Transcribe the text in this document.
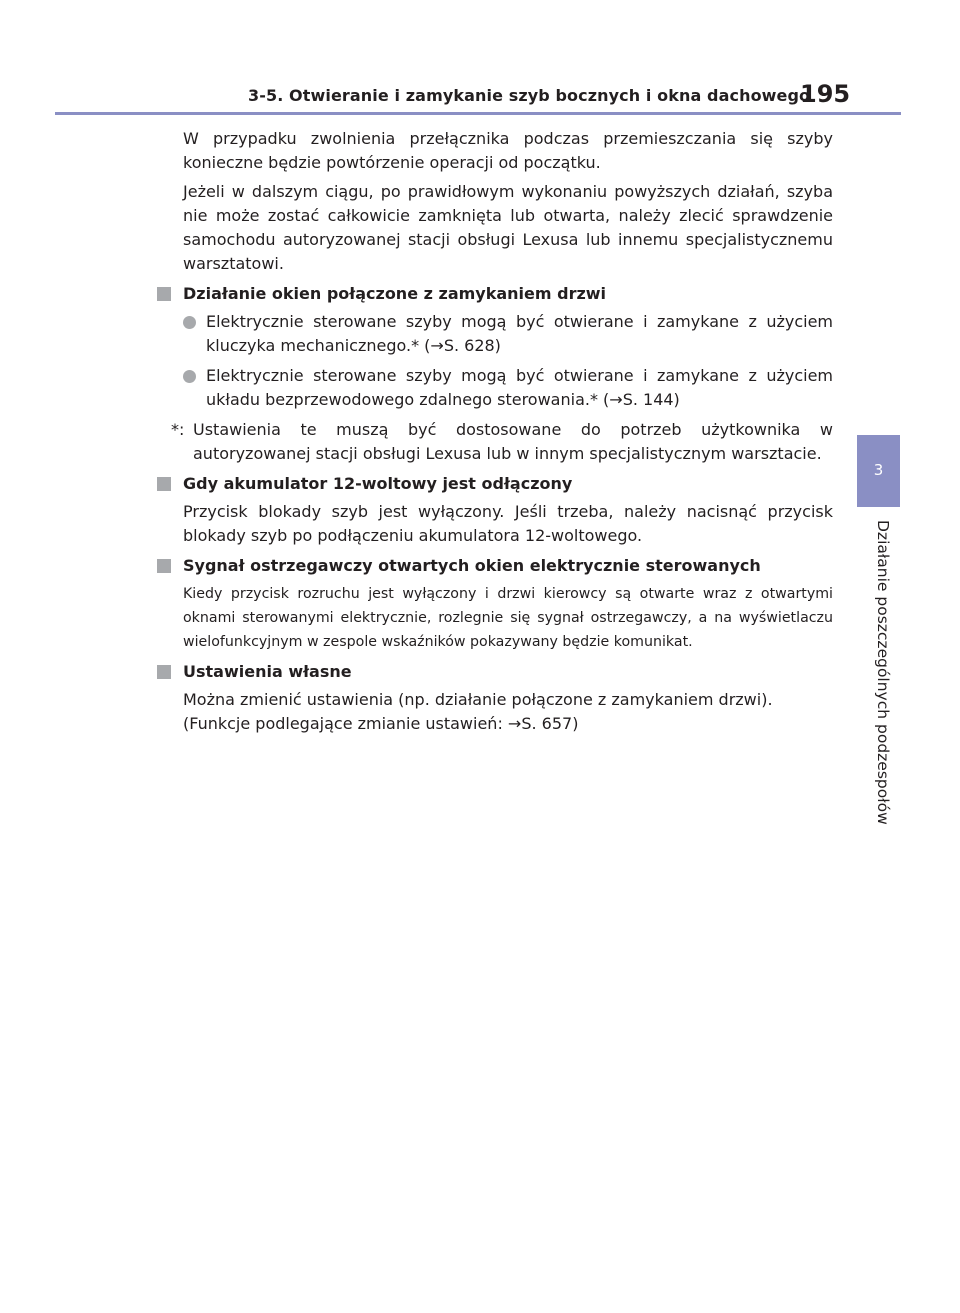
3-5. Otwieranie i zamykanie szyb bocznych i okna dachowego
195
3
Działanie poszczególnych podzespołów

W przypadku zwolnienia przełącznika podczas przemieszczania się szyby konieczne będzie powtórzenie operacji od początku.

Jeżeli w dalszym ciągu, po prawidłowym wykonaniu powyższych działań, szyba nie może zostać całkowicie zamknięta lub otwarta, należy zlecić sprawdzenie samochodu autoryzowanej stacji obsługi Lexusa lub innemu specjalistycznemu warsztatowi.

Działanie okien połączone z zamykaniem drzwi
Elektrycznie sterowane szyby mogą być otwierane i zamykane z użyciem kluczyka mechanicznego.* (→S. 628)
Elektrycznie sterowane szyby mogą być otwierane i zamykane z użyciem układu bezprzewodowego zdalnego sterowania.* (→S. 144)
*: Ustawienia te muszą być dostosowane do potrzeb użytkownika w autoryzowanej stacji obsługi Lexusa lub w innym specjalistycznym warsztacie.
Gdy akumulator 12-woltowy jest odłączony

Przycisk blokady szyb jest wyłączony. Jeśli trzeba, należy nacisnąć przycisk blokady szyb po podłączeniu akumulatora 12-woltowego.

Sygnał ostrzegawczy otwartych okien elektrycznie sterowanych

Kiedy przycisk rozruchu jest wyłączony i drzwi kierowcy są otwarte wraz z otwartymi oknami sterowanymi elektrycznie, rozlegnie się sygnał ostrzegawczy, a na wyświetlaczu wielofunkcyjnym w zespole wskaźników pokazywany będzie komunikat.

Ustawienia własne

Można zmienić ustawienia (np. działanie połączone z zamykaniem drzwi).

(Funkcje podlegające zmianie ustawień: →S. 657)
